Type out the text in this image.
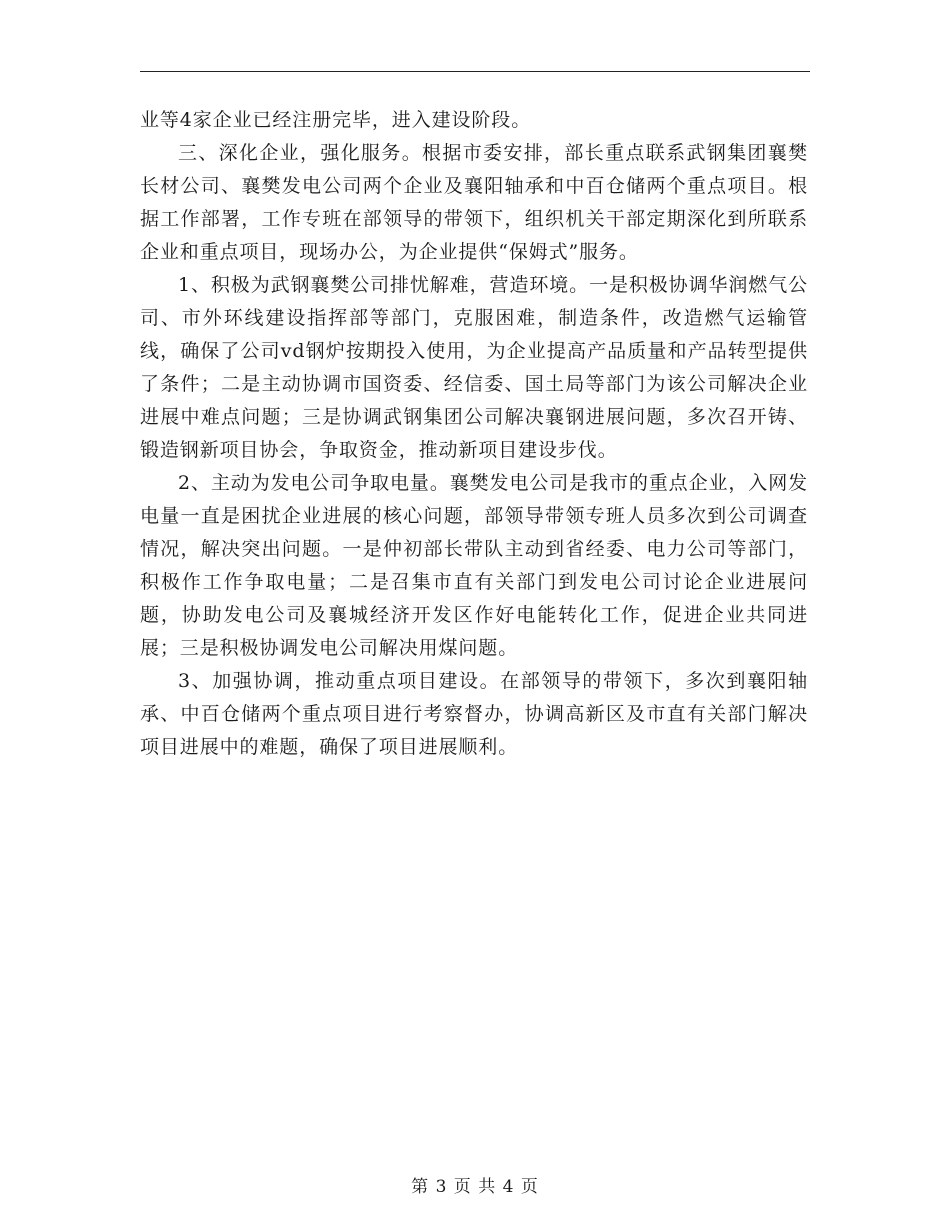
业等4家企业已经注册完毕，进入建设阶段。

三、深化企业，强化服务。根据市委安排，部长重点联系武钢集团襄樊长材公司、襄樊发电公司两个企业及襄阳轴承和中百仓储两个重点项目。根据工作部署，工作专班在部领导的带领下，组织机关干部定期深化到所联系企业和重点项目，现场办公，为企业提供“保姆式”服务。

1、积极为武钢襄樊公司排忧解难，营造环境。一是积极协调华润燃气公司、市外环线建设指挥部等部门，克服困难，制造条件，改造燃气运输管线，确保了公司vd钢炉按期投入使用，为企业提高产品质量和产品转型提供了条件；二是主动协调市国资委、经信委、国土局等部门为该公司解决企业进展中难点问题；三是协调武钢集团公司解决襄钢进展问题，多次召开铸、锻造钢新项目协会，争取资金，推动新项目建设步伐。

2、主动为发电公司争取电量。襄樊发电公司是我市的重点企业，入网发电量一直是困扰企业进展的核心问题，部领导带领专班人员多次到公司调查情况，解决突出问题。一是仲初部长带队主动到省经委、电力公司等部门，积极作工作争取电量；二是召集市直有关部门到发电公司讨论企业进展问题，协助发电公司及襄城经济开发区作好电能转化工作，促进企业共同进展；三是积极协调发电公司解决用煤问题。

3、加强协调，推动重点项目建设。在部领导的带领下，多次到襄阳轴承、中百仓储两个重点项目进行考察督办，协调高新区及市直有关部门解决项目进展中的难题，确保了项目进展顺利。

第 3 页 共 4 页
